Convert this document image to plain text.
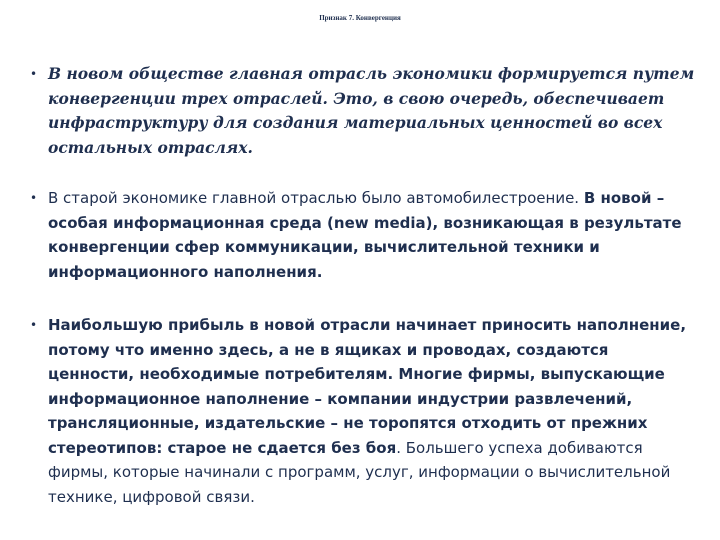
Признак 7. Конвергенция
• В новом обществе главная отрасль экономики формируется путем конвергенции трех отраслей. Это, в свою очередь, обеспечивает инфраструктуру для создания материальных ценностей во всех остальных отраслях.
• В старой экономике главной отраслью было автомобилестроение. В новой – особая информационная среда (new media), возникающая в результате конвергенции сфер коммуникации, вычислительной техники и информационного наполнения.
• Наибольшую прибыль в новой отрасли начинает приносить наполнение, потому что именно здесь, а не в ящиках и проводах, создаются ценности, необходимые потребителям. Многие фирмы, выпускающие информационное наполнение – компании индустрии развлечений, трансляционные, издательские – не торопятся отходить от прежних стереотипов: старое не сдается без боя. Большего успеха добиваются фирмы, которые начинали с программ, услуг, информации о вычислительной технике, цифровой связи.
